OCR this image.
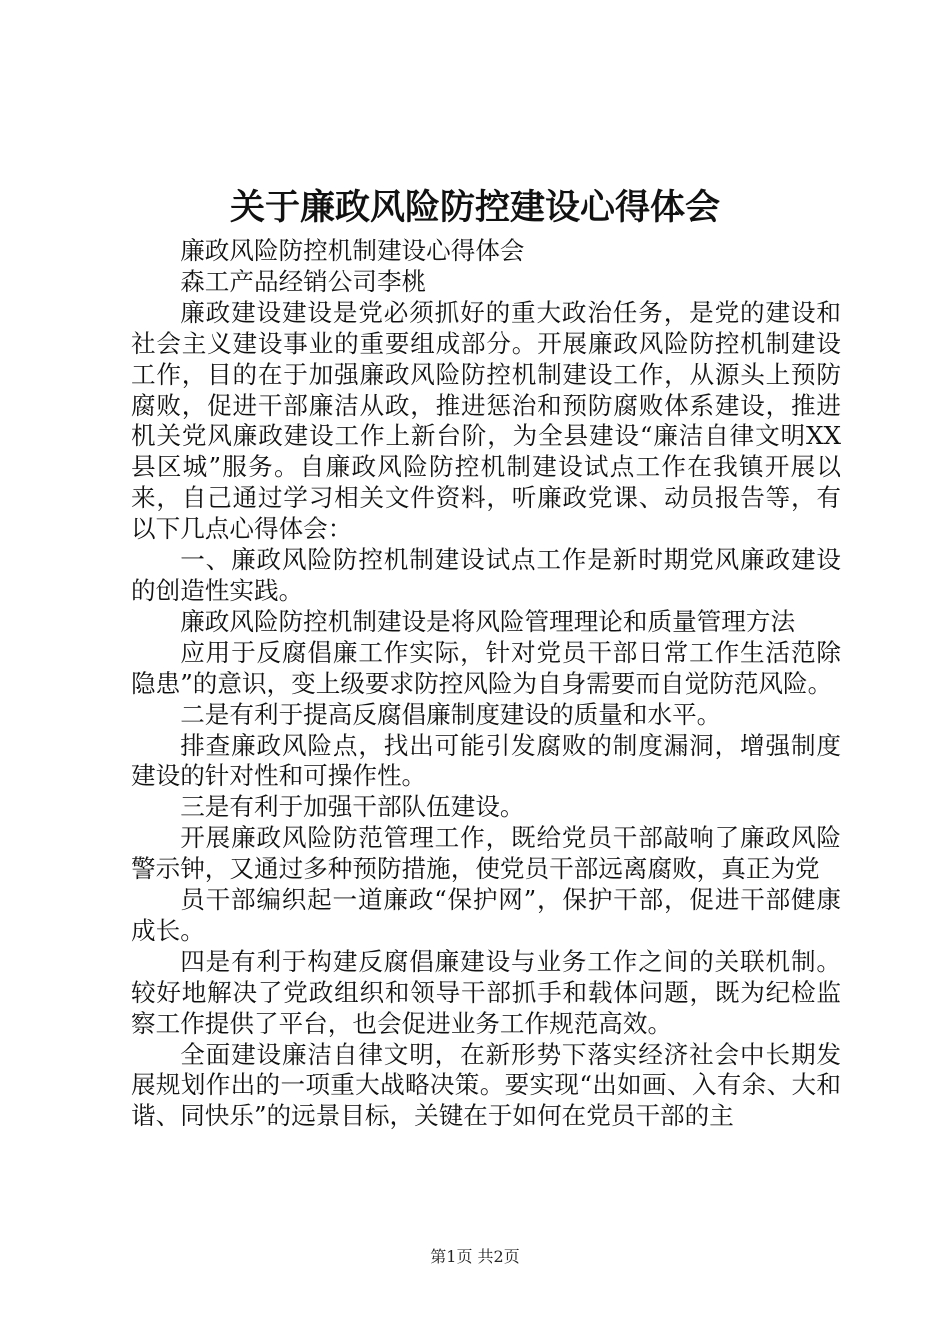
关于廉政风险防控建设心得体会

廉政风险防控机制建设心得体会

森工产品经销公司李桃

廉政建设建设是党必须抓好的重大政治任务，是党的建设和社会主义建设事业的重要组成部分。开展廉政风险防控机制建设工作，目的在于加强廉政风险防控机制建设工作，从源头上预防腐败，促进干部廉洁从政，推进惩治和预防腐败体系建设，推进机关党风廉政建设工作上新台阶，为全县建设“廉洁自律文明XX县区城”服务。自廉政风险防控机制建设试点工作在我镇开展以来，自己通过学习相关文件资料，听廉政党课、动员报告等，有以下几点心得体会：

一、廉政风险防控机制建设试点工作是新时期党风廉政建设的创造性实践。

廉政风险防控机制建设是将风险管理理论和质量管理方法

应用于反腐倡廉工作实际，针对党员干部日常工作生活范除隐患”的意识，变上级要求防控风险为自身需要而自觉防范风险。

二是有利于提高反腐倡廉制度建设的质量和水平。

排查廉政风险点，找出可能引发腐败的制度漏洞，增强制度建设的针对性和可操作性。

三是有利于加强干部队伍建设。

开展廉政风险防范管理工作，既给党员干部敲响了廉政风险警示钟，又通过多种预防措施，使党员干部远离腐败，真正为党

员干部编织起一道廉政“保护网”，保护干部，促进干部健康成长。

四是有利于构建反腐倡廉建设与业务工作之间的关联机制。较好地解决了党政组织和领导干部抓手和载体问题，既为纪检监察工作提供了平台，也会促进业务工作规范高效。

全面建设廉洁自律文明，在新形势下落实经济社会中长期发展规划作出的一项重大战略决策。要实现“出如画、入有余、大和谐、同快乐”的远景目标，关键在于如何在党员干部的主

第1页 共2页
